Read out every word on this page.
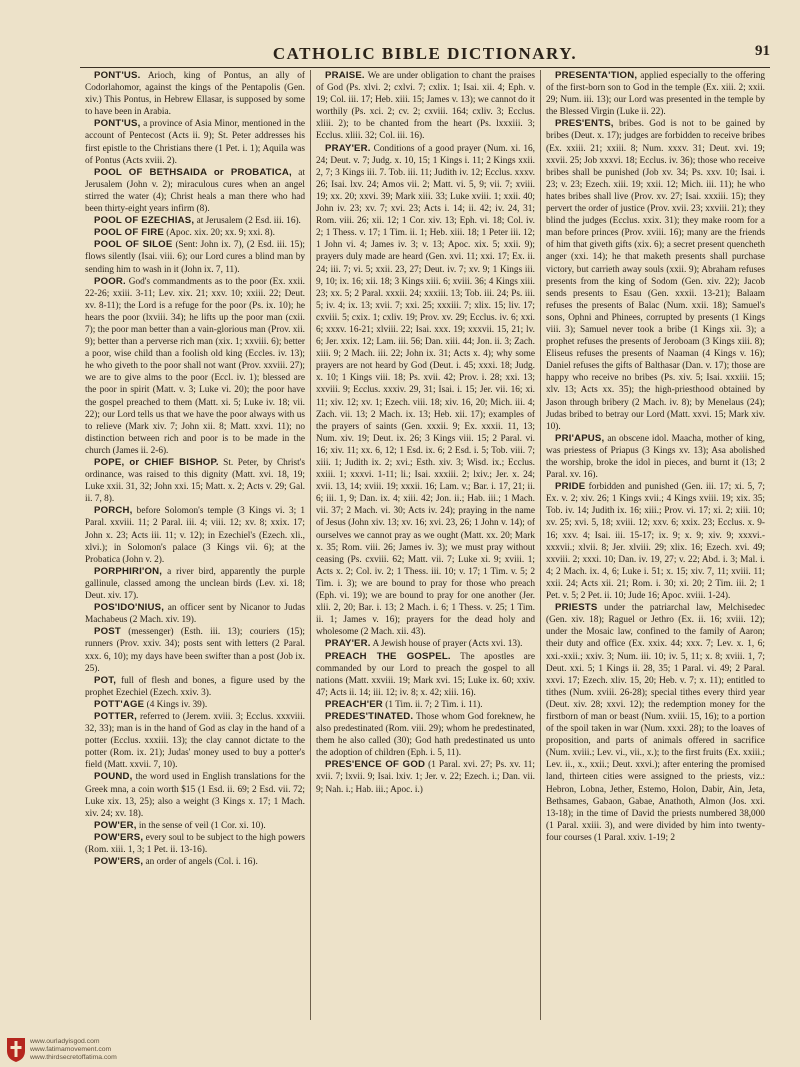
CATHOLIC BIBLE DICTIONARY.	91

PONT'US. Arioch, king of Pontus, an ally of Codorlahomor, against the kings of the Pentapolis (Gen. xiv.) This Pontus, in Hebrew Ellasar, is supposed by some to have been in Arabia.

PONT'US, a province of Asia Minor, mentioned in the account of Pentecost (Acts ii. 9); St. Peter addresses his first epistle to the Christians there (1 Pet. i. 1); Aquila was of Pontus (Acts xviii. 2).

POOL OF BETHSAIDA or PROBATICA, at Jerusalem (John v. 2); miraculous cures when an angel stirred the water (4); Christ heals a man there who had been thirty-eight years infirm (8).

POOL OF EZECHIAS, at Jerusalem (2 Esd. iii. 16).

POOL OF FIRE (Apoc. xix. 20; xx. 9; xxi. 8).

POOL OF SILOE (Sent: John ix. 7), (2 Esd. iii. 15); flows silently (Isai. viii. 6); our Lord cures a blind man by sending him to wash in it (John ix. 7, 11).

POOR. God's commandments as to the poor (Ex. xxii. 22-26; xxiii. 3-11; Lev. xix. 21; xxv. 10; xxiii. 22; Deut. xv. 8-11); the Lord is a refuge for the poor (Ps. ix. 10); he hears the poor (lxviii. 34); he lifts up the poor man (cxii. 7); the poor man better than a vain-glorious man (Prov. xii. 9); better than a perverse rich man (xix. 1; xxviii. 6); better a poor, wise child than a foolish old king (Eccles. iv. 13); he who giveth to the poor shall not want (Prov. xxviii. 27); we are to give alms to the poor (Eccl. iv. 1); blessed are the poor in spirit (Matt. v. 3; Luke vi. 20); the poor have the gospel preached to them (Matt. xi. 5; Luke iv. 18; vii. 22); our Lord tells us that we have the poor always with us to relieve (Mark xiv. 7; John xii. 8; Matt. xxvi. 11); no distinction between rich and poor is to be made in the church (James ii. 2-6).

POPE, or CHIEF BISHOP. St. Peter, by Christ's ordinance, was raised to this dignity (Matt. xvi. 18, 19; Luke xxii. 31, 32; John xxi. 15; Matt. x. 2; Acts v. 29; Gal. ii. 7, 8).

PORCH, before Solomon's temple (3 Kings vi. 3; 1 Paral. xxviii. 11; 2 Paral. iii. 4; viii. 12; xv. 8; xxix. 17; John x. 23; Acts iii. 11; v. 12); in Ezechiel's (Ezech. xli., xlvi.); in Solomon's palace (3 Kings vii. 6); at the Probatica (John v. 2).

PORPHIRI'ON, a river bird, apparently the purple gallinule, classed among the unclean birds (Lev. xi. 18; Deut. xiv. 17).

POS'IDO'NIUS, an officer sent by Nicanor to Judas Machabeus (2 Mach. xiv. 19).

POST (messenger) (Esth. iii. 13); couriers (15); runners (Prov. xxiv. 34); posts sent with letters (2 Paral. xxx. 6, 10); my days have been swifter than a post (Job ix. 25).

POT, full of flesh and bones, a figure used by the prophet Ezechiel (Ezech. xxiv. 3).

POTT'AGE (4 Kings iv. 39).

POTTER, referred to (Jerem. xviii. 3; Ecclus. xxxviii. 32, 33); man is in the hand of God as clay in the hand of a potter (Ecclus. xxxiii. 13); the clay cannot dictate to the potter (Rom. ix. 21); Judas' money used to buy a potter's field (Matt. xxvii. 7, 10).

POUND, the word used in English translations for the Greek mna, a coin worth $15 (1 Esd. ii. 69; 2 Esd. vii. 72; Luke xix. 13, 25); also a weight (3 Kings x. 17; 1 Mach. xiv. 24; xv. 18).

POW'ER, in the sense of veil (1 Cor. xi. 10).

POW'ERS, every soul to be subject to the high powers (Rom. xiii. 1, 3; 1 Pet. ii. 13-16).

POW'ERS, an order of angels (Col. i. 16).

PRAISE. We are under obligation to chant the praises of God (Ps. xlvi. 2; cxlvi. 7; cxlix. 1; Isai. xii. 4; Eph. v. 19; Col. iii. 17; Heb. xiii. 15; James v. 13); we cannot do it worthily (Ps. xci. 2; cv. 2; cxviii. 164; cxliv. 3; Ecclus. xliii. 2); to be chanted from the heart (Ps. lxxxiii. 3; Ecclus. xliii. 32; Col. iii. 16).

PRAY'ER. Conditions of a good prayer (Num. xi. 16, 24; Deut. v. 7; Judg. x. 10, 15; 1 Kings i. 11; 2 Kings xxii. 2, 7; 3 Kings iii. 7. Tob. iii. 11; Judith iv. 12; Ecclus. xxxv. 26; Isai. lxv. 24; Amos vii. 2; Matt. vi. 5, 9; vii. 7; xviii. 19; xx. 20; xxvi. 39; Mark xiii. 33; Luke xviii. 1; xxii. 40; John iv. 23; xv. 7; xvi. 23; Acts i. 14; ii. 42; iv. 24, 31; Rom. viii. 26; xii. 12; 1 Cor. xiv. 13; Eph. vi. 18; Col. iv. 2; 1 Thess. v. 17; 1 Tim. ii. 1; Heb. xiii. 18; 1 Peter iii. 12; 1 John vi. 4; James iv. 3; v. 13; Apoc. xix. 5; xxii. 9); prayers duly made are heard (Gen. xvi. 11; xxi. 17; Ex. ii. 24; iii. 7; vi. 5; xxii. 23, 27; Deut. iv. 7; xv. 9; 1 Kings iii. 9, 10; ix. 16; xii. 18; 3 Kings xiii. 6; xviii. 36; 4 Kings xiii. 23; xx. 5; 2 Paral. xxxii. 24; xxxiii. 13; Tob. iii. 24; Ps. iii. 5; iv. 4; ix. 13; xvii. 7; xxi. 25; xxxiii. 7; xlix. 15; liv. 17; cxviii. 5; cxix. 1; cxliv. 19; Prov. xv. 29; Ecclus. iv. 6; xxi. 6; xxxv. 16-21; xlviii. 22; Isai. xxx. 19; xxxvii. 15, 21; lv. 6; Jer. xxix. 12; Lam. iii. 56; Dan. xiii. 44; Jon. ii. 3; Zach. xiii. 9; 2 Mach. iii. 22; John ix. 31; Acts x. 4); why some prayers are not heard by God (Deut. i. 45; xxxi. 18; Judg. x. 10; 1 Kings viii. 18; Ps. xvii. 42; Prov. i. 28; xxi. 13; xxviii. 9; Ecclus. xxxiv. 29, 31; Isai. i. 15; Jer. vii. 16; xi. 11; xiv. 12; xv. 1; Ezech. viii. 18; xiv. 16, 20; Mich. iii. 4; Zach. vii. 13; 2 Mach. ix. 13; Heb. xii. 17); examples of the prayers of saints (Gen. xxxii. 9; Ex. xxxii. 11, 13; Num. xiv. 19; Deut. ix. 26; 3 Kings viii. 15; 2 Paral. vi. 16; xiv. 11; xx. 6, 12; 1 Esd. ix. 6; 2 Esd. i. 5; Tob. viii. 7; xiii. 1; Judith ix. 2; xvi.; Esth. xiv. 3; Wisd. ix.; Ecclus. xxiii. 1; xxxvi. 1-11; li.; Isai. xxxiii. 2; lxiv.; Jer. x. 24; xvii. 13, 14; xviii. 19; xxxii. 16; Lam. v.; Bar. i. 17, 21; ii. 6; iii. 1, 9; Dan. ix. 4; xiii. 42; Jon. ii.; Hab. iii.; 1 Mach. vii. 37; 2 Mach. vi. 30; Acts iv. 24); praying in the name of Jesus (John xiv. 13; xv. 16; xvi. 23, 26; 1 John v. 14); of ourselves we cannot pray as we ought (Matt. xx. 20; Mark x. 35; Rom. viii. 26; James iv. 3); we must pray without ceasing (Ps. cxviii. 62; Matt. vii. 7; Luke xi. 9; xviii. 1; Acts x. 2; Col. iv. 2; 1 Thess. iii. 10; v. 17; 1 Tim. v. 5; 2 Tim. i. 3); we are bound to pray for those who preach (Eph. vi. 19); we are bound to pray for one another (Jer. xlii. 2, 20; Bar. i. 13; 2 Mach. i. 6; 1 Thess. v. 25; 1 Tim. ii. 1; James v. 16); prayers for the dead holy and wholesome (2 Mach. xii. 43).

PRAY'ER. A Jewish house of prayer (Acts xvi. 13).

PREACH THE GOSPEL. The apostles are commanded by our Lord to preach the gospel to all nations (Matt. xxviii. 19; Mark xvi. 15; Luke ix. 60; xxiv. 47; Acts ii. 14; iii. 12; iv. 8; x. 42; xiii. 16).

PREACH'ER (1 Tim. ii. 7; 2 Tim. i. 11).

PREDES'TINATED. Those whom God foreknew, he also predestinated (Rom. viii. 29); whom he predestinated, them he also called (30); God hath predestinated us unto the adoption of children (Eph. i. 5, 11).

PRES'ENCE OF GOD (1 Paral. xvi. 27; Ps. xv. 11; xvii. 7; lxvii. 9; Isai. lxiv. 1; Jer. v. 22; Ezech. i.; Dan. vii. 9; Nah. i.; Hab. iii.; Apoc. i.)

PRESENTA'TION, applied especially to the offering of the first-born son to God in the temple (Ex. xiii. 2; xxii. 29; Num. iii. 13); our Lord was presented in the temple by the Blessed Virgin (Luke ii. 22).

PRES'ENTS, bribes. God is not to be gained by bribes (Deut. x. 17); judges are forbidden to receive bribes (Ex. xxiii. 21; xxiii. 8; Num. xxxv. 31; Deut. xvi. 19; xxvii. 25; Job xxxvi. 18; Ecclus. iv. 36); those who receive bribes shall be punished (Job xv. 34; Ps. xxv. 10; Isai. i. 23; v. 23; Ezech. xiii. 19; xxii. 12; Mich. iii. 11); he who hates bribes shall live (Prov. xv. 27; Isai. xxxiii. 15); they pervert the order of justice (Prov. xvii. 23; xxviii. 21); they blind the judges (Ecclus. xxix. 31); they make room for a man before princes (Prov. xviii. 16); many are the friends of him that giveth gifts (xix. 6); a secret present quencheth anger (xxi. 14); he that maketh presents shall purchase victory, but carrieth away souls (xxii. 9); Abraham refuses presents from the king of Sodom (Gen. xiv. 22); Jacob sends presents to Esau (Gen. xxxii. 13-21); Balaam refuses the presents of Balac (Num. xxii. 18); Samuel's sons, Ophni and Phinees, corrupted by presents (1 Kings viii. 3); Samuel never took a bribe (1 Kings xii. 3); a prophet refuses the presents of Jeroboam (3 Kings xiii. 8); Eliseus refuses the presents of Naaman (4 Kings v. 16); Daniel refuses the gifts of Balthasar (Dan. v. 17); those are happy who receive no bribes (Ps. xiv. 5; Isai. xxxiii. 15; xlv. 13; Acts xx. 35); the high-priesthood obtained by Jason through bribery (2 Mach. iv. 8); by Menelaus (24); Judas bribed to betray our Lord (Matt. xxvi. 15; Mark xiv. 10).

PRI'APUS, an obscene idol. Maacha, mother of king, was priestess of Priapus (3 Kings xv. 13); Asa abolished the worship, broke the idol in pieces, and burnt it (13; 2 Paral. xv. 16).

PRIDE forbidden and punished (Gen. iii. 17; xi. 5, 7; Ex. v. 2; xiv. 26; 1 Kings xvii.; 4 Kings xviii. 19; xix. 35; Tob. iv. 14; Judith ix. 16; xiii.; Prov. vi. 17; xi. 2; xiii. 10; xv. 25; xvi. 5, 18; xviii. 12; xxv. 6; xxix. 23; Ecclus. x. 9-16; xxv. 4; Isai. iii. 15-17; ix. 9; x. 9; xiv. 9; xxxvi.-xxxvii.; xlvii. 8; Jer. xlviii. 29; xlix. 16; Ezech. xvi. 49; xxviii. 2; xxxi. 10; Dan. iv. 19, 27; v. 22; Abd. i. 3; Mal. i. 4; 2 Mach. ix. 4, 6; Luke i. 51; x. 15; xiv. 7, 11; xviii. 11; xxii. 24; Acts xii. 21; Rom. i. 30; xi. 20; 2 Tim. iii. 2; 1 Pet. v. 5; 2 Pet. ii. 10; Jude 16; Apoc. xviii. 1-24).

PRIESTS under the patriarchal law, Melchisedec (Gen. xiv. 18); Raguel or Jethro (Ex. ii. 16; xviii. 12); under the Mosaic law, confined to the family of Aaron; their duty and office (Ex. xxix. 44; xxx. 7; Lev. x. 1, 6; xxi.-xxii.; xxiv. 3; Num. iii. 10; iv. 5, 11; x. 8; xviii. 1, 7; Deut. xxi. 5; 1 Kings ii. 28, 35; 1 Paral. vi. 49; 2 Paral. xxvi. 17; Ezech. xliv. 15, 20; Heb. v. 7; x. 11); entitled to tithes (Num. xviii. 26-28); special tithes every third year (Deut. xiv. 28; xxvi. 12); the redemption money for the firstborn of man or beast (Num. xviii. 15, 16); to a portion of the spoil taken in war (Num. xxxi. 28); to the loaves of proposition, and parts of animals offered in sacrifice (Num. xviii.; Lev. vi., vii., x.); to the first fruits (Ex. xxiii.; Lev. ii., x., xxii.; Deut. xxvi.); after entering the promised land, thirteen cities were assigned to the priests, viz.: Hebron, Lobna, Jether, Estemo, Holon, Dabir, Ain, Jeta, Bethsames, Gabaon, Gabae, Anathoth, Almon (Jos. xxi. 13-18); in the time of David the priests numbered 38,000 (1 Paral. xxiii. 3), and were divided by him into twenty-four courses (1 Paral. xxiv. 1-19; 2

www.ourladyisgod.com
www.fatimamovement.com
www.thirdsecretoffatima.com
